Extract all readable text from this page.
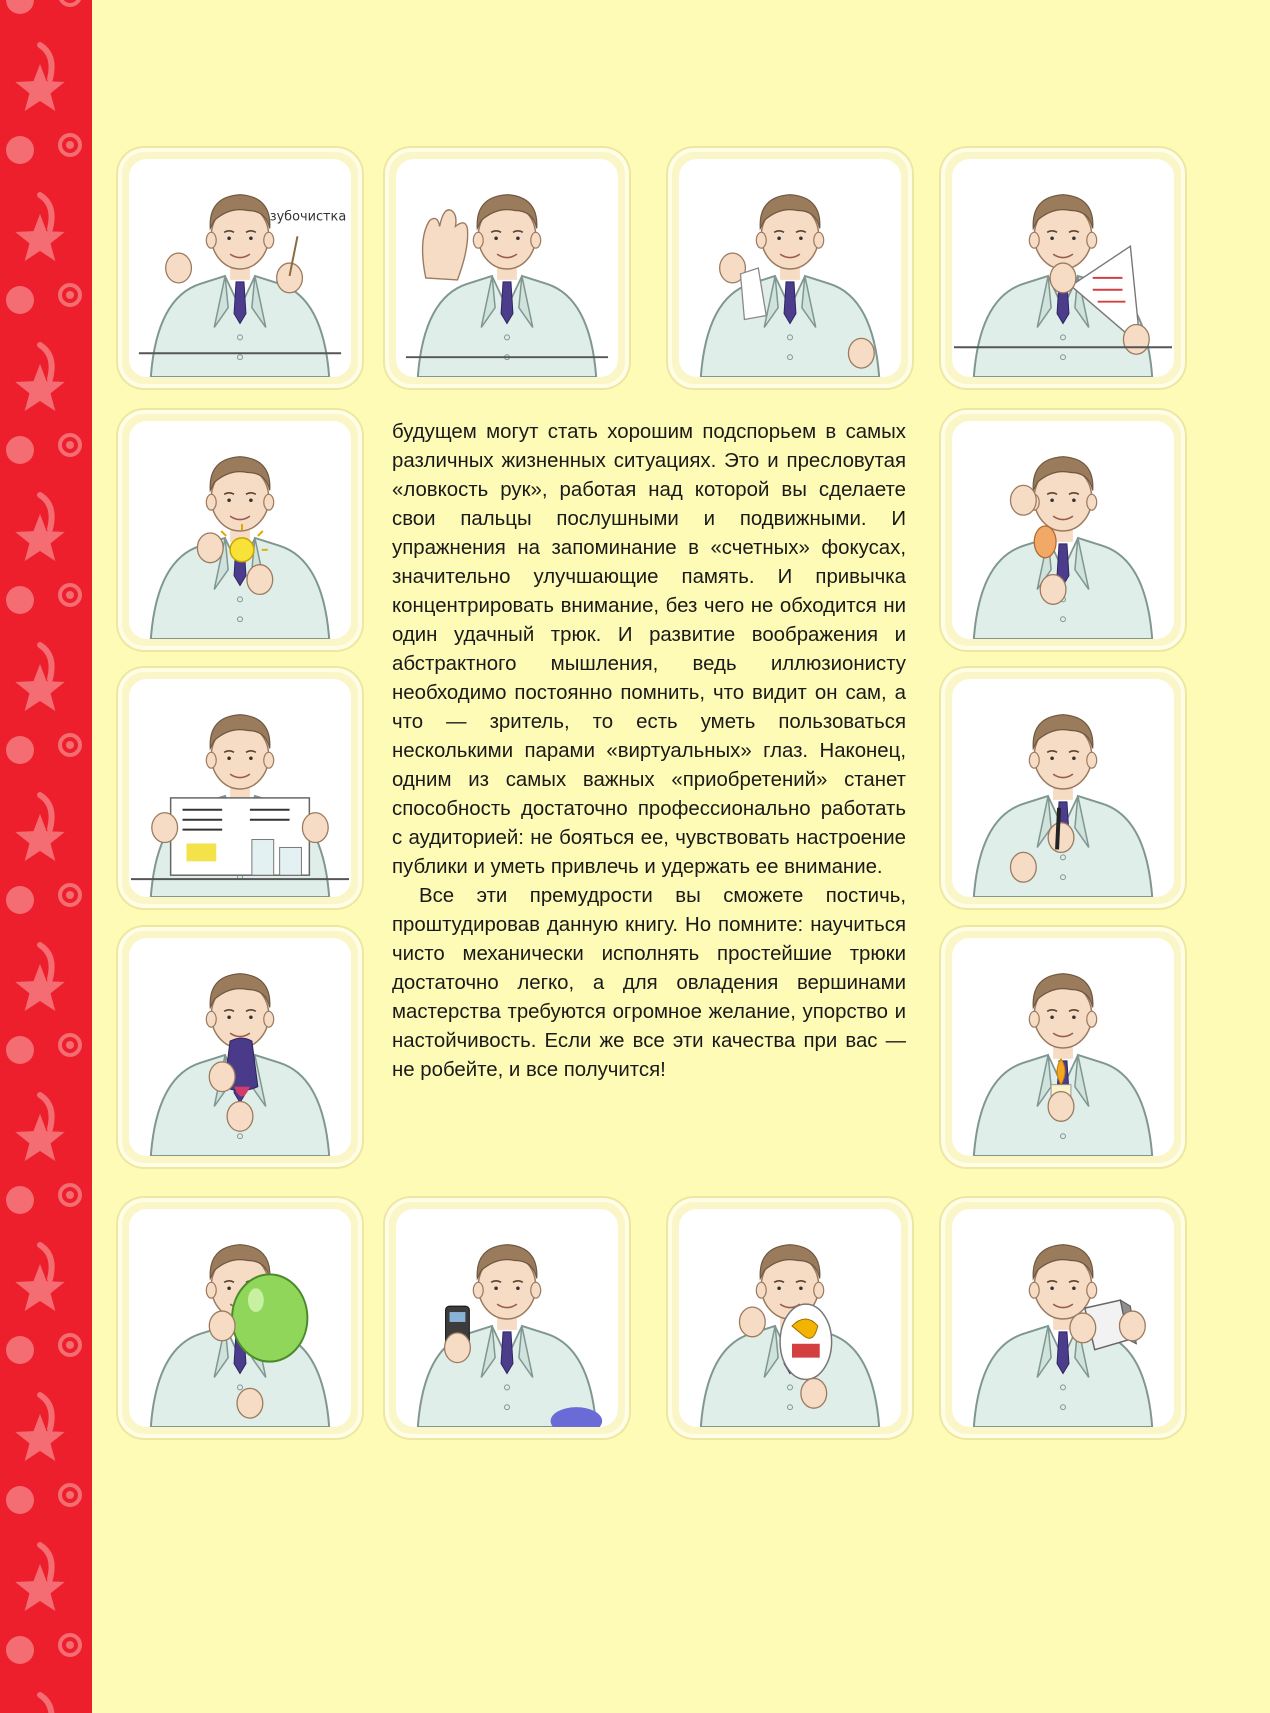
зубочистка

будущем могут стать хорошим подспорьем в самых различных жизненных ситуациях. Это и пресловутая «ловкость рук», работая над которой вы сделаете свои пальцы послушными и подвижными. И упражнения на запоминание в «счетных» фокусах, значительно улучшающие память. И привычка концентрировать внимание, без чего не обходится ни один удачный трюк. И развитие воображения и абстрактного мышления, ведь иллюзионисту необходимо постоянно помнить, что видит он сам, а что — зритель, то есть уметь пользоваться несколькими парами «виртуальных» глаз. Наконец, одним из самых важных «приобретений» станет способность достаточно профессионально работать с аудиторией: не бояться ее, чувствовать настроение публики и уметь привлечь и удержать ее внимание.

Все эти премудрости вы сможете постичь, проштудировав данную книгу. Но помните: научиться чисто механически исполнять простейшие трюки достаточно легко, а для овладения вершинами мастерства требуются огромное желание, упорство и настойчивость. Если же все эти качества при вас — не робейте, и все получится!
